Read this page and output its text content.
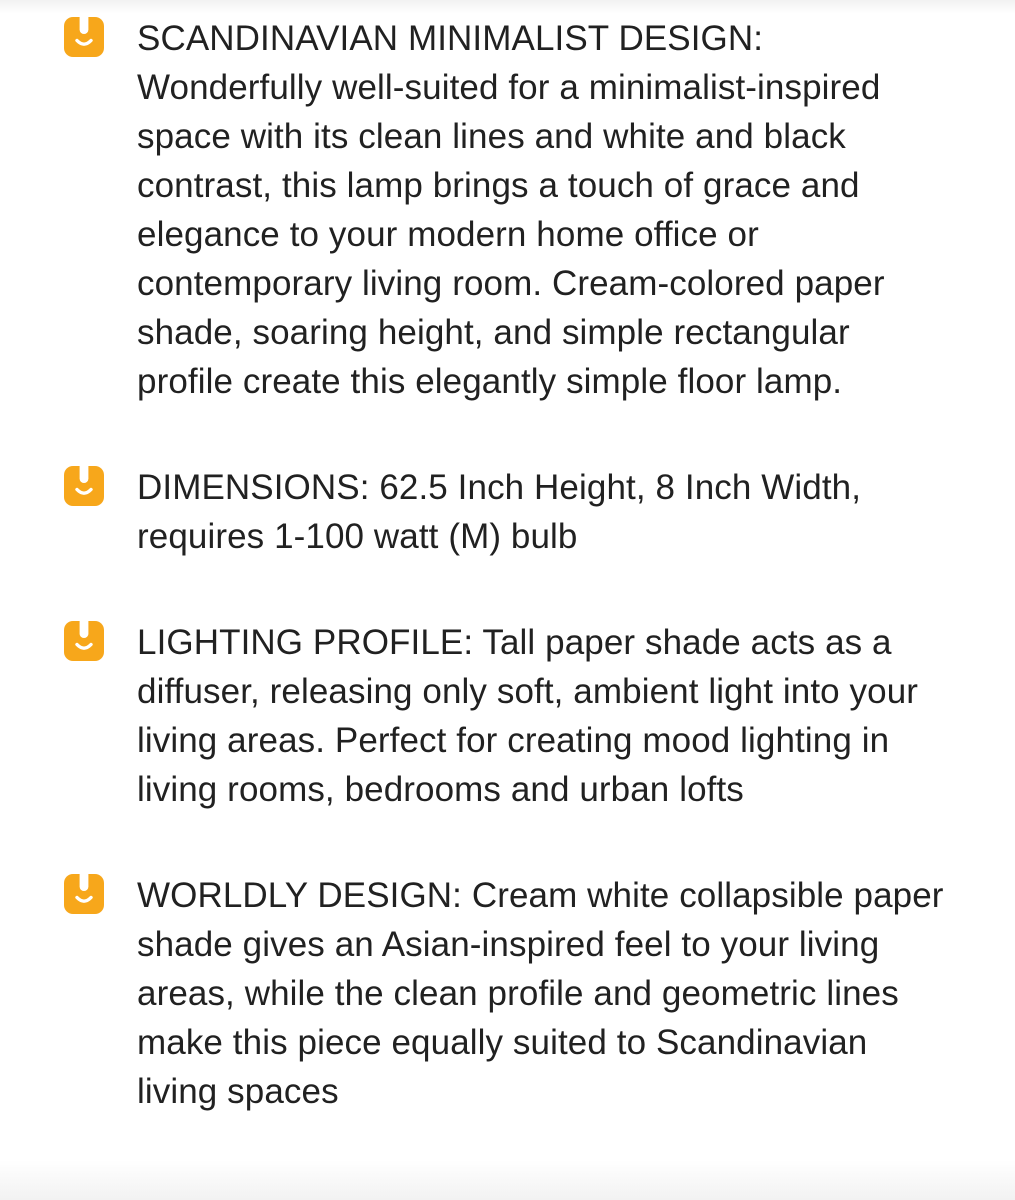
SCANDINAVIAN MINIMALIST DESIGN: Wonderfully well-suited for a minimalist-inspired space with its clean lines and white and black contrast, this lamp brings a touch of grace and elegance to your modern home office or contemporary living room. Cream-colored paper shade, soaring height, and simple rectangular profile create this elegantly simple floor lamp.

DIMENSIONS: 62.5 Inch Height, 8 Inch Width, requires 1-100 watt (M) bulb

LIGHTING PROFILE: Tall paper shade acts as a diffuser, releasing only soft, ambient light into your living areas. Perfect for creating mood lighting in living rooms, bedrooms and urban lofts

WORLDLY DESIGN: Cream white collapsible paper shade gives an Asian-inspired feel to your living areas, while the clean profile and geometric lines make this piece equally suited to Scandinavian living spaces
